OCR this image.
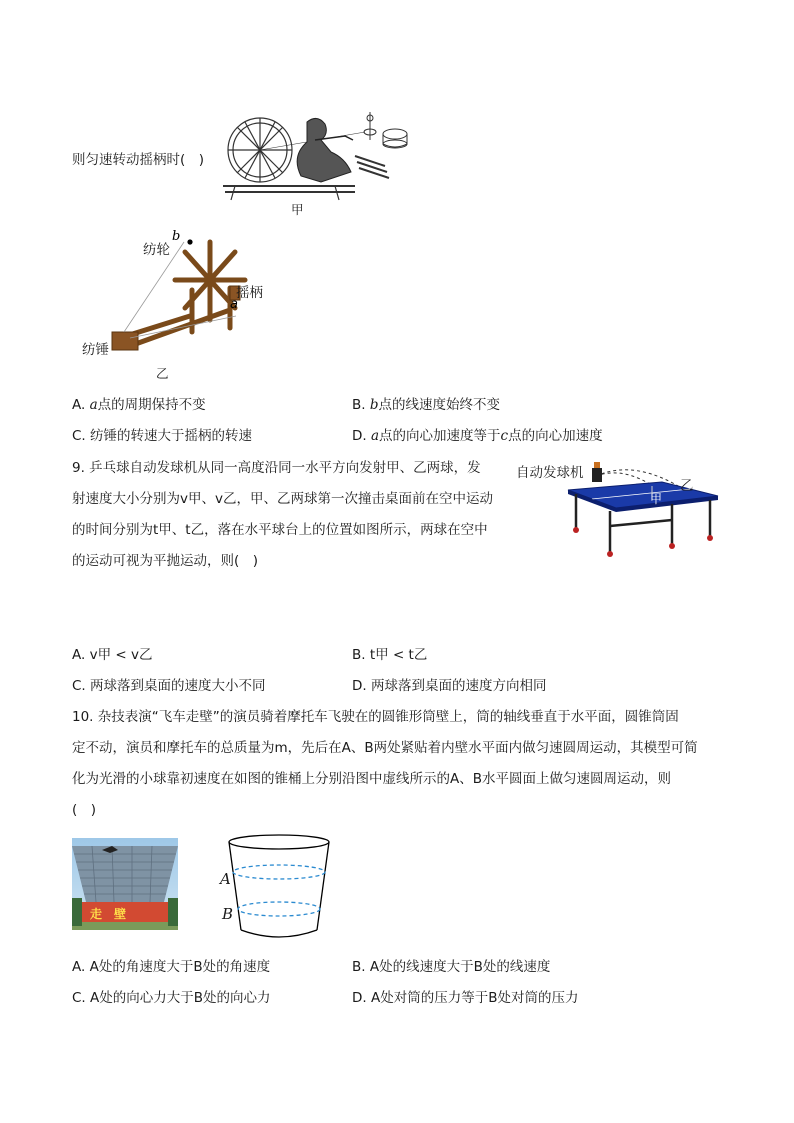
则匀速转动摇柄时(　)
甲
b
a
纺轮
摇柄
纺锤
乙
A. a点的周期保持不变	B. b点的线速度始终不变
C. 纺锤的转速大于摇柄的转速	D. a点的向心加速度等于c点的向心加速度
9. 乒乓球自动发球机从同一高度沿同一水平方向发射甲、乙两球，发
射速度大小分别为v甲、v乙，甲、乙两球第一次撞击桌面前在空中运动
的时间分别为t甲、t乙，落在水平球台上的位置如图所示，两球在空中
的运动可视为平抛运动，则(　)
自动发球机
甲
乙
A. v甲 < v乙	B. t甲 < t乙
C. 两球落到桌面的速度大小不同	D. 两球落到桌面的速度方向相同
10. 杂技表演“飞车走壁”的演员骑着摩托车飞驶在的圆锥形筒壁上，筒的轴线垂直于水平面，圆锥筒固
定不动，演员和摩托车的总质量为m，先后在A、B两处紧贴着内壁水平面内做匀速圆周运动，其模型可简
化为光滑的小球靠初速度在如图的锥桶上分别沿图中虚线所示的A、B水平圆面上做匀速圆周运动，则
(　)
走　壁
A
B
A. A处的角速度大于B处的角速度	B. A处的线速度大于B处的线速度
C. A处的向心力大于B处的向心力	D. A处对筒的压力等于B处对筒的压力
